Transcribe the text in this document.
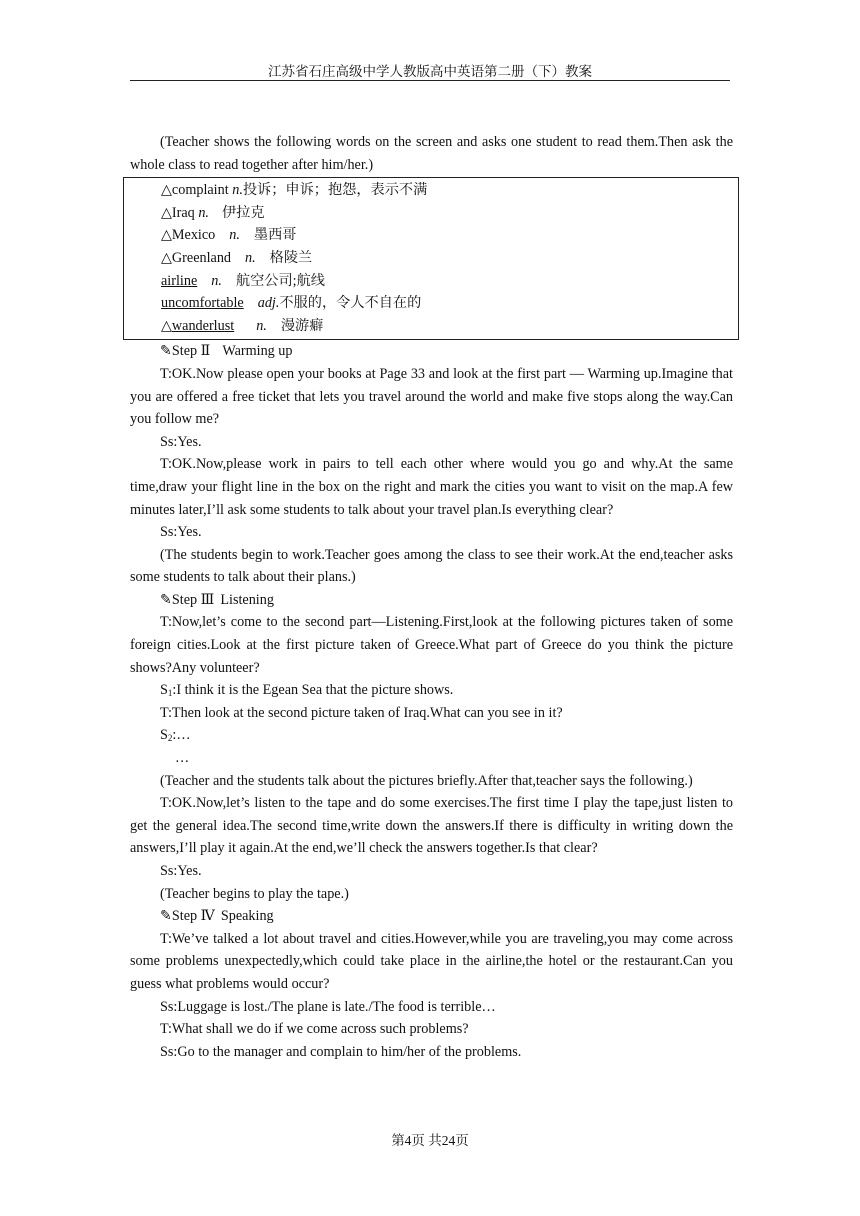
江苏省石庄高级中学人教版高中英语第二册（下）教案

(Teacher shows the following words on the screen and asks one student to read them.Then ask the whole class to read together after him/her.)

△complaint n.投诉；申诉；抱怨，表示不满
△Iraq n. 伊拉克
△Mexico n. 墨西哥
△Greenland n. 格陵兰
airline n. 航空公司;航线
uncomfortable adj.不服的，令人不自在的
△wanderlust n. 漫游癖

✎Step Ⅱ Warming up

T:OK.Now please open your books at Page 33 and look at the first part — Warming up.Imagine that you are offered a free ticket that lets you travel around the world and make five stops along the way.Can you follow me?

Ss:Yes.

T:OK.Now,please work in pairs to tell each other where would you go and why.At the same time,draw your flight line in the box on the right and mark the cities you want to visit on the map.A few minutes later,I’ll ask some students to talk about your travel plan.Is everything clear?

Ss:Yes.

(The students begin to work.Teacher goes among the class to see their work.At the end,teacher asks some students to talk about their plans.)

✎Step Ⅲ Listening

T:Now,let’s come to the second part—Listening.First,look at the following pictures taken of some foreign cities.Look at the first picture taken of Greece.What part of Greece do you think the picture shows?Any volunteer?

$S_1:I$ think it is the Egean Sea that the picture shows.

T:Then look at the second picture taken of Iraq.What can you see in it?

$S_2:\dots$

…

(Teacher and the students talk about the pictures briefly.After that,teacher says the following.)

T:OK.Now,let’s listen to the tape and do some exercises.The first time I play the tape,just listen to get the general idea.The second time,write down the answers.If there is difficulty in writing down the answers,I’ll play it again.At the end,we’ll check the answers together.Is that clear?

Ss:Yes.

(Teacher begins to play the tape.)

✎Step Ⅳ Speaking

T:We’ve talked a lot about travel and cities.However,while you are traveling,you may come across some problems unexpectedly,which could take place in the airline,the hotel or the restaurant.Can you guess what problems would occur?

Ss:Luggage is lost./The plane is late./The food is terrible…

T:What shall we do if we come across such problems?

Ss:Go to the manager and complain to him/her of the problems.

第4页 共24页
